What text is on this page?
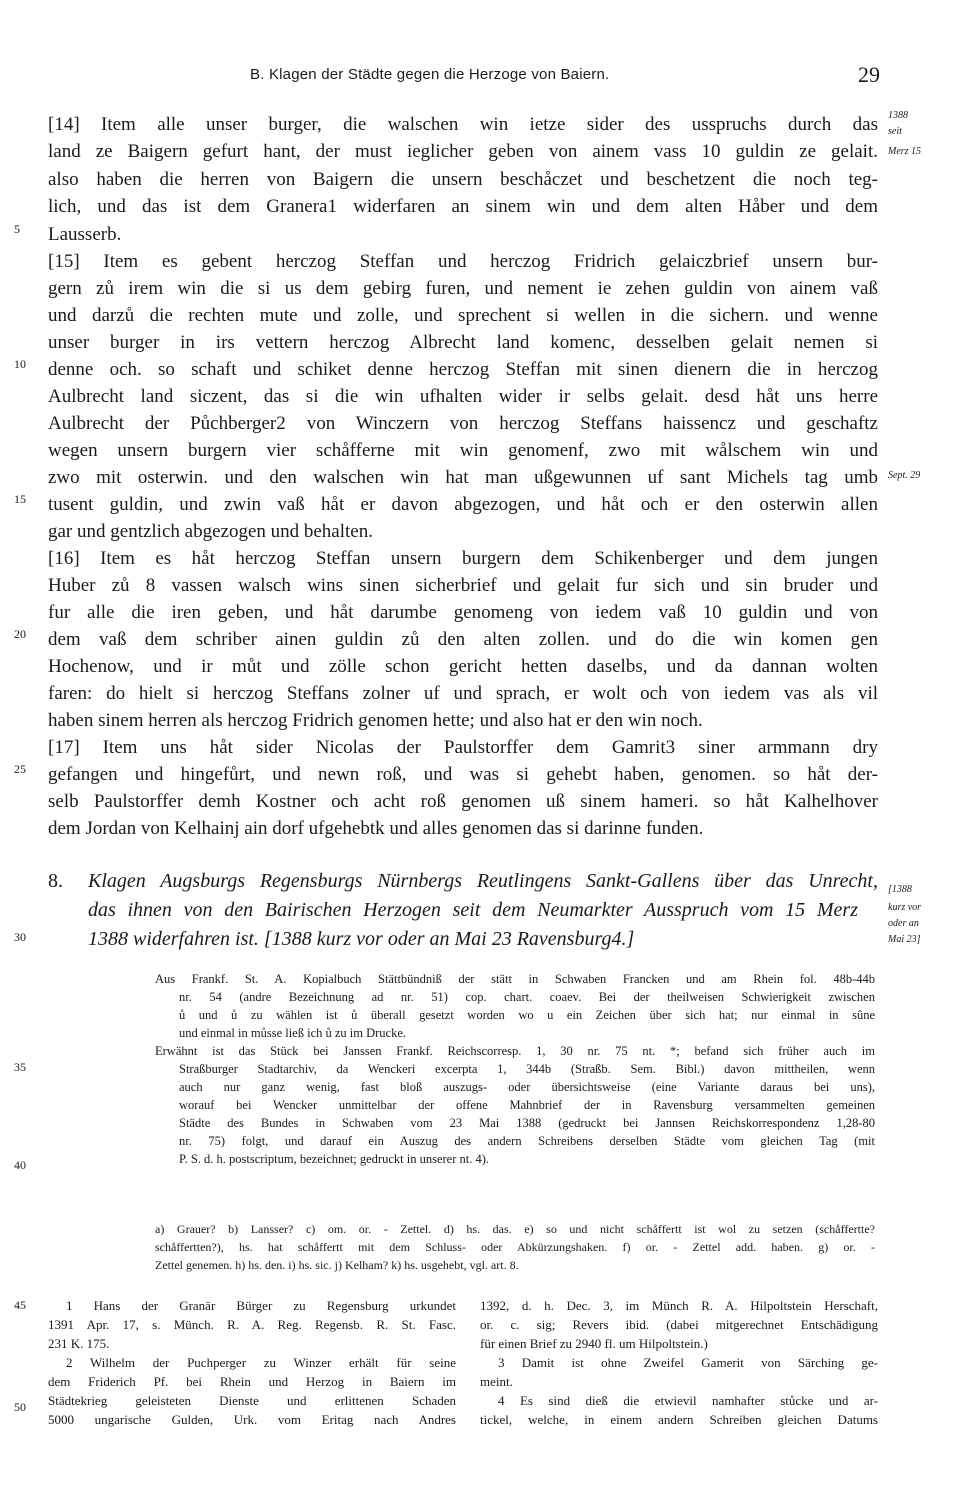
B. Klagen der Städte gegen die Herzoge von Baiern.	29
[14] Item alle unser burger, die walschen win ietze sider des usspruchs durch das
land ze Baigern gefurt hant, der must ieglicher geben von ainem vass 10 guldin ze gelait.
also haben die herren von Baigern die unsern beschåczet und beschetzent die noch teg-
lich, und das ist dem Granera1 widerfaren an sinem win und dem alten Håber und dem
Lausserb.
[15] Item es gebent herczog Steffan und herczog Fridrich gelaiczbrief unsern bur-
gern zů irem win die si us dem gebirg furen, und nement ie zehen guldin von ainem vaß
und darzů die rechten mute und zolle, und sprechent si wellen in die sichern. und wenne
unser burger in irs vettern herczog Albrecht land komenc, desselben gelait nemen si
denne och. so schaft und schiket denne herczog Steffan mit sinen dienern die in herczog
Aulbrecht land siczent, das si die win ufhalten wider ir selbs gelait. desd håt uns herre
Aulbrecht der Půchberger2 von Winczern von herczog Steffans haissencz und geschaftz
wegen unsern burgern vier schåfferne mit win genomenf, zwo mit wålschem win und
zwo mit osterwin. und den walschen win hat man ußgewunnen uf sant Michels tag umb
tusent guldin, und zwin vaß håt er davon abgezogen, und håt och er den osterwin allen
gar und gentzlich abgezogen und behalten.
[16] Item es håt herczog Steffan unsern burgern dem Schikenberger und dem jungen
Huber zů 8 vassen walsch wins sinen sicherbrief und gelait fur sich und sin bruder und
fur alle die iren geben, und håt darumbe genomeng von iedem vaß 10 guldin und von
dem vaß dem schriber ainen guldin zů den alten zollen. und do die win komen gen
Hochenow, und ir můt und zölle schon gericht hetten daselbs, und da dannan wolten
faren: do hielt si herczog Steffans zolner uf und sprach, er wolt och von iedem vas als vil
haben sinem herren als herczog Fridrich genomen hette; und also hat er den win noch.
[17] Item uns håt sider Nicolas der Paulstorffer dem Gamrit3 siner armmann dry
gefangen und hingefůrt, und newn roß, und was si gehebt haben, genomen. so håt der-
selb Paulstorffer demh Kostner och acht roß genomen uß sinem hameri. so håt Kalhelhover
dem Jordan von Kelhainj ain dorf ufgehebtk und alles genomen das si darinne funden.
5
10
15
20
25
30
35
40
45
50
1388
seit
Merz 15
Sept. 29
[1388
kurz vor
oder an
Mai 23]
8. Klagen Augsburgs Regensburgs Nürnbergs Reutlingens Sankt-Gallens über das Unrecht,
das ihnen von den Bairischen Herzogen seit dem Neumarkter Ausspruch vom 15 Merz
1388 widerfahren ist. [1388 kurz vor oder an Mai 23 Ravensburg4.]
Aus Frankf. St. A. Kopialbuch Stättbündniß der stätt in Schwaben Francken und am Rhein fol. 48b-44b
nr. 54 (andre Bezeichnung ad nr. 51) cop. chart. coaev. Bei der theilweisen Schwierigkeit zwischen
ů und ů zu wählen ist ů überall gesetzt worden wo u ein Zeichen über sich hat; nur einmal in sûne
und einmal in můsse ließ ich ů zu im Drucke.
Erwähnt ist das Stück bei Janssen Frankf. Reichscorresp. 1, 30 nr. 75 nt. *; befand sich früher auch im
Straßburger Stadtarchiv, da Wenckeri excerpta 1, 344b (Straßb. Sem. Bibl.) davon mittheilen, wenn
auch nur ganz wenig, fast bloß auszugs- oder übersichtsweise (eine Variante daraus bei uns),
worauf bei Wencker unmittelbar der offene Mahnbrief der in Ravensburg versammelten gemeinen
Städte des Bundes in Schwaben vom 23 Mai 1388 (gedruckt bei Jannsen Reichskorrespondenz 1,28-80
nr. 75) folgt, und darauf ein Auszug des andern Schreibens derselben Städte vom gleichen Tag (mit
P. S. d. h. postscriptum, bezeichnet; gedruckt in unserer nt. 4).
a) Grauer? b) Lansser? c) om. or. - Zettel. d) hs. das. e) so und nicht schåffertt ist wol zu setzen (schåffertte?
schåffertten?), hs. hat schåffertt mit dem Schluss- oder Abkürzungshaken. f) or. - Zettel add. haben. g) or. -
Zettel genemen. h) hs. den. i) hs. sic. j) Kelham? k) hs. usgehebt, vgl. art. 8.
1 Hans der Granär Bürger zu Regensburg urkundet
1391 Apr. 17, s. Münch. R. A. Reg. Regensb. R. St. Fasc.
231 K. 175.
2 Wilhelm der Puchperger zu Winzer erhält für seine
dem Friderich Pf. bei Rhein und Herzog in Baiern im
Städtekrieg geleisteten Dienste und erlittenen Schaden
5000 ungarische Gulden, Urk. vom Eritag nach Andres
1392, d. h. Dec. 3, im Münch R. A. Hilpoltstein Herschaft,
or. c. sig; Revers ibid. (dabei mitgerechnet Entschädigung
für einen Brief zu 2940 fl. um Hilpoltstein.)
3 Damit ist ohne Zweifel Gamerit von Särching ge-
meint.
4 Es sind dieß die etwievil namhafter stůcke und ar-
tickel, welche, in einem andern Schreiben gleichen Datums
